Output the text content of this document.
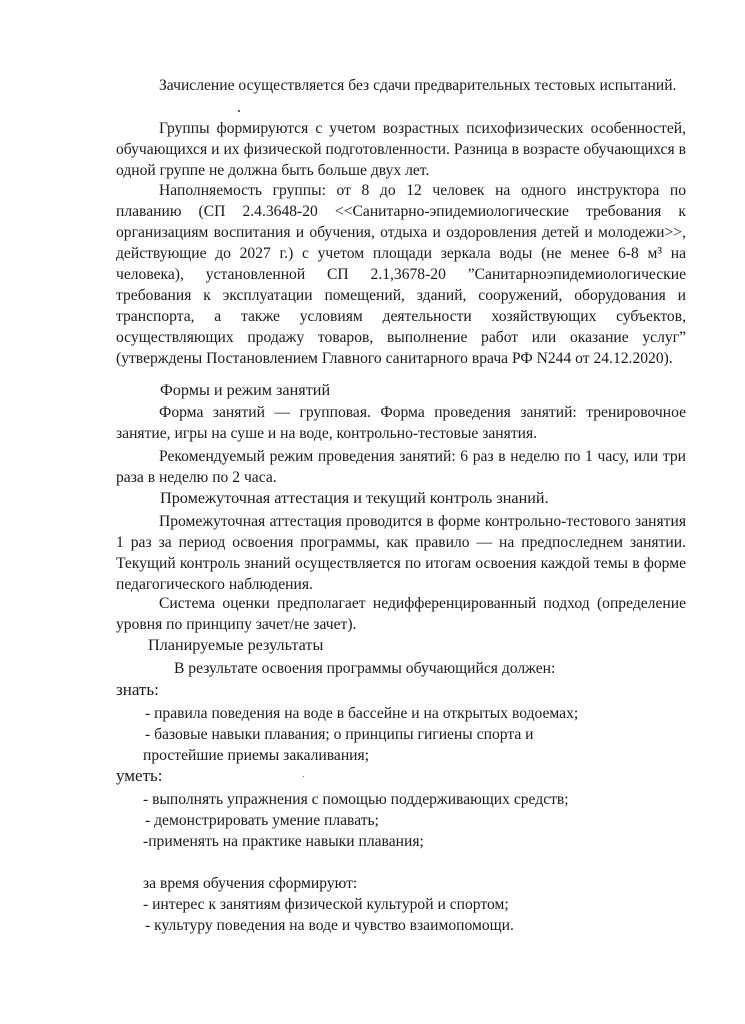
Зачисление осуществляется без сдачи предварительных тестовых испытаний.

Группы формируются с учетом возрастных психофизических особенностей, обучающихся и их физической подготовленности. Разница в возрасте обучающихся в одной группе не должна быть больше двух лет.

Наполняемость группы: от 8 до 12 человек на одного инструктора по плаванию (СП 2.4.3648-20 <<Санитарно-эпидемиологические требования к организациям воспитания и обучения, отдыха и оздоровления детей и молодежи>>, действующие до 2027 г.) с учетом площади зеркала воды (не менее 6-8 м³ на человека), установленной СП 2.1,3678-20 ”Санитарноэпидемиологические требования к эксплуатации помещений, зданий, сооружений, оборудования и транспорта, а также условиям деятельности хозяйствующих субъектов, осуществляющих продажу товаров, выполнение работ или оказание услуг” (утверждены Постановлением Главного санитарного врача РФ N244 от 24.12.2020).

Формы и режим занятий

Форма занятий — групповая. Форма проведения занятий: тренировочное занятие, игры на суше и на воде, контрольно-тестовые занятия.

Рекомендуемый режим проведения занятий: 6 раз в неделю по 1 часу, или три раза в неделю по 2 часа.

Промежуточная аттестация и текущий контроль знаний.

Промежуточная аттестация проводится в форме контрольно-тестового занятия 1 раз за период освоения программы, как правило — на предпоследнем занятии. Текущий контроль знаний осуществляется по итогам освоения каждой темы в форме педагогического наблюдения.

Система оценки предполагает недифференцированный подход (определение уровня по принципу зачет/не зачет).

Планируемые результаты
В результате освоения программы обучающийся должен:
знать:
- правила поведения на воде в бассейне и на открытых водоемах;
- базовые навыки плавания; о принципы гигиены спорта и
простейшие приемы закаливания;
уметь:
- выполнять упражнения с помощью поддерживающих средств;
- демонстрировать умение плавать;
-применять на практике навыки плавания;
за время обучения сформируют:
- интерес к занятиям физической культурой и спортом;
- культуру поведения на воде и чувство взаимопомощи.
